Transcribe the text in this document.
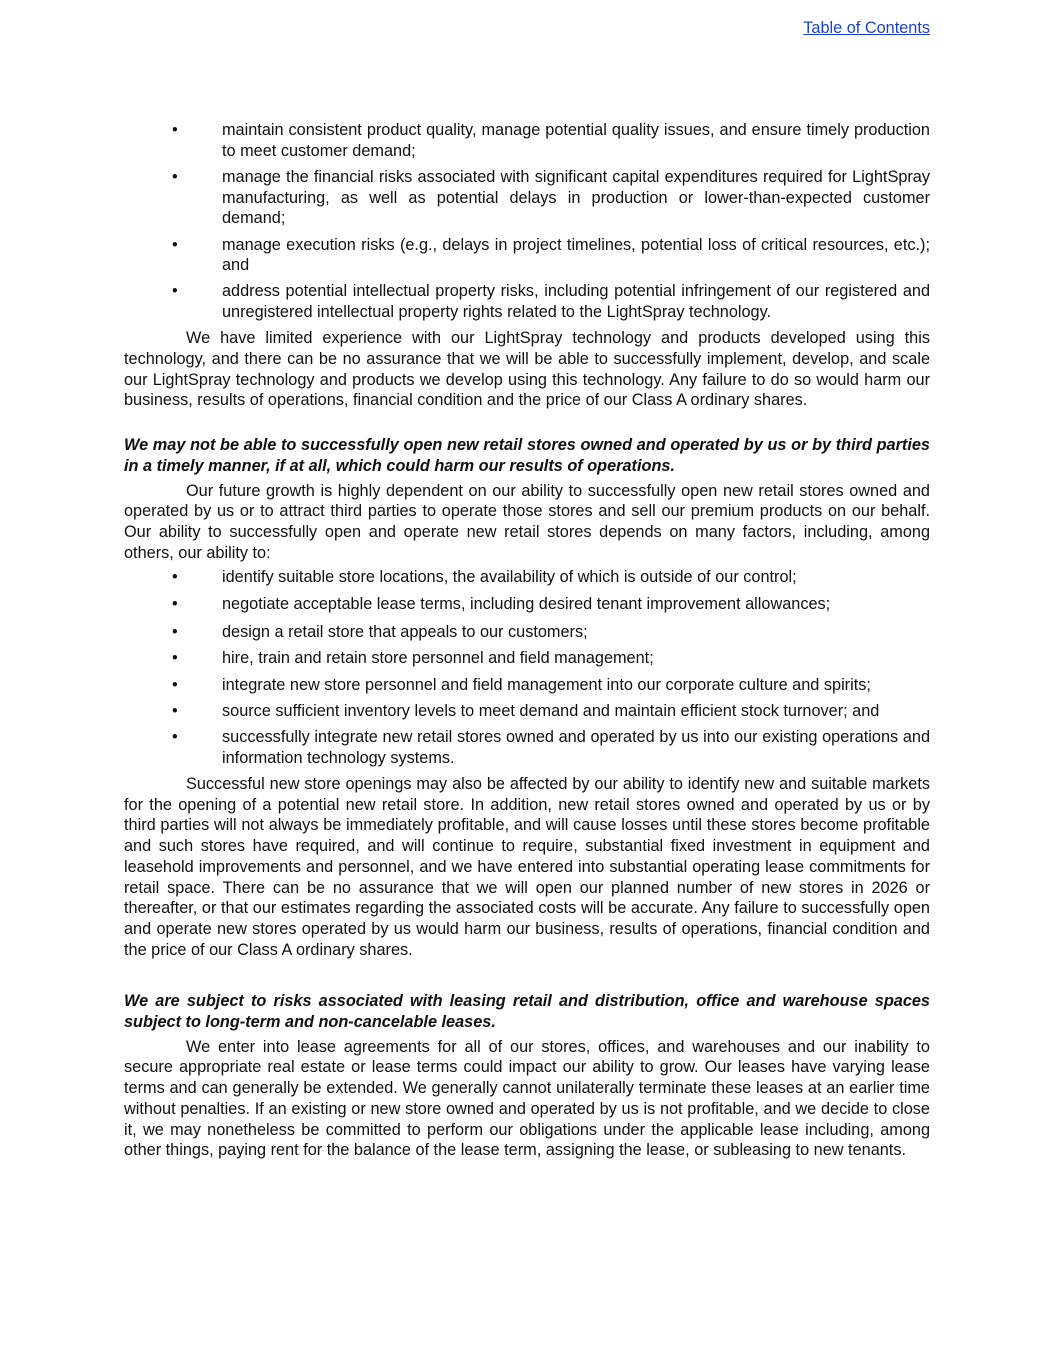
Table of Contents
•	maintain consistent product quality, manage potential quality issues, and ensure timely production to meet customer demand;
•	manage the financial risks associated with significant capital expenditures required for LightSpray manufacturing, as well as potential delays in production or lower-than-expected customer demand;
•	manage execution risks (e.g., delays in project timelines, potential loss of critical resources, etc.); and
•	address potential intellectual property risks, including potential infringement of our registered and unregistered intellectual property rights related to the LightSpray technology.

We have limited experience with our LightSpray technology and products developed using this technology, and there can be no assurance that we will be able to successfully implement, develop, and scale our LightSpray technology and products we develop using this technology. Any failure to do so would harm our business, results of operations, financial condition and the price of our Class A ordinary shares.

We may not be able to successfully open new retail stores owned and operated by us or by third parties in a timely manner, if at all, which could harm our results of operations.

Our future growth is highly dependent on our ability to successfully open new retail stores owned and operated by us or to attract third parties to operate those stores and sell our premium products on our behalf. Our ability to successfully open and operate new retail stores depends on many factors, including, among others, our ability to:

•	identify suitable store locations, the availability of which is outside of our control;
•	negotiate acceptable lease terms, including desired tenant improvement allowances;
•	design a retail store that appeals to our customers;
•	hire, train and retain store personnel and field management;
•	integrate new store personnel and field management into our corporate culture and spirits;
•	source sufficient inventory levels to meet demand and maintain efficient stock turnover; and
•	successfully integrate new retail stores owned and operated by us into our existing operations and information technology systems.

Successful new store openings may also be affected by our ability to identify new and suitable markets for the opening of a potential new retail store. In addition, new retail stores owned and operated by us or by third parties will not always be immediately profitable, and will cause losses until these stores become profitable and such stores have required, and will continue to require, substantial fixed investment in equipment and leasehold improvements and personnel, and we have entered into substantial operating lease commitments for retail space. There can be no assurance that we will open our planned number of new stores in 2026 or thereafter, or that our estimates regarding the associated costs will be accurate. Any failure to successfully open and operate new stores operated by us would harm our business, results of operations, financial condition and the price of our Class A ordinary shares.

We are subject to risks associated with leasing retail and distribution, office and warehouse spaces subject to long-term and non-cancelable leases.

We enter into lease agreements for all of our stores, offices, and warehouses and our inability to secure appropriate real estate or lease terms could impact our ability to grow. Our leases have varying lease terms and can generally be extended. We generally cannot unilaterally terminate these leases at an earlier time without penalties. If an existing or new store owned and operated by us is not profitable, and we decide to close it, we may nonetheless be committed to perform our obligations under the applicable lease including, among other things, paying rent for the balance of the lease term, assigning the lease, or subleasing to new tenants.
